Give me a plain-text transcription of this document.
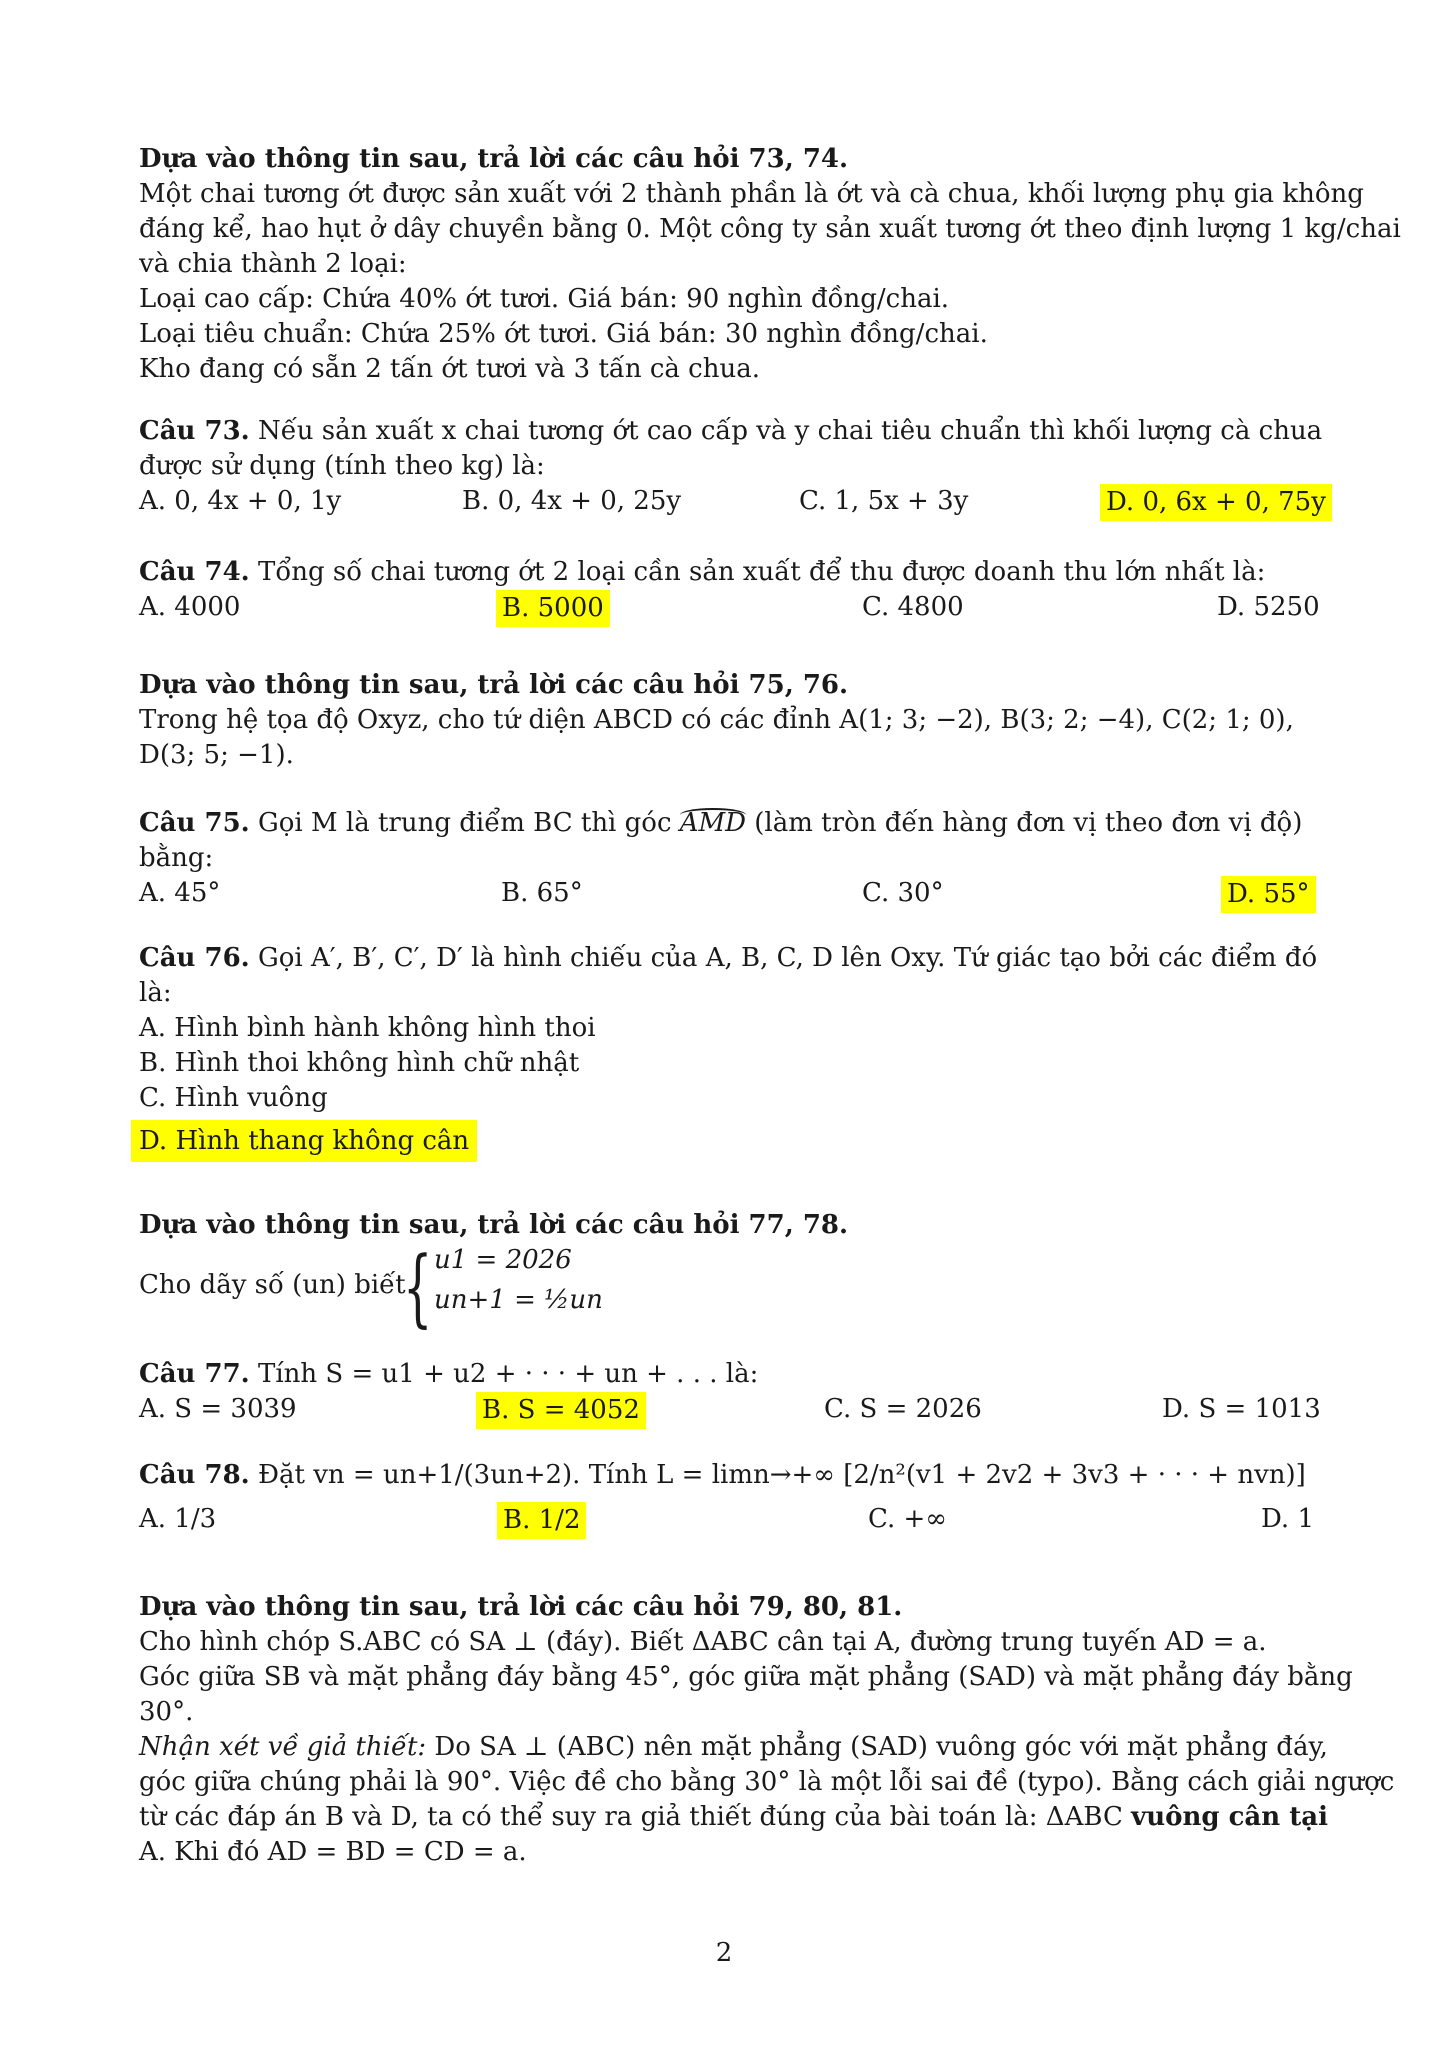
Dựa vào thông tin sau, trả lời các câu hỏi 73, 74.
Một chai tương ớt được sản xuất với 2 thành phần là ớt và cà chua, khối lượng phụ gia không
đáng kể, hao hụt ở dây chuyền bằng 0. Một công ty sản xuất tương ớt theo định lượng 1 kg/chai
và chia thành 2 loại:
Loại cao cấp: Chứa 40% ớt tươi. Giá bán: 90 nghìn đồng/chai.
Loại tiêu chuẩn: Chứa 25% ớt tươi. Giá bán: 30 nghìn đồng/chai.
Kho đang có sẵn 2 tấn ớt tươi và 3 tấn cà chua.
Câu 73. Nếu sản xuất x chai tương ớt cao cấp và y chai tiêu chuẩn thì khối lượng cà chua
được sử dụng (tính theo kg) là:
A. 0, 4x + 0, 1y	B. 0, 4x + 0, 25y	C. 1, 5x + 3y	D. 0, 6x + 0, 75y
Câu 74. Tổng số chai tương ớt 2 loại cần sản xuất để thu được doanh thu lớn nhất là:
A. 4000	B. 5000	C. 4800	D. 5250
Dựa vào thông tin sau, trả lời các câu hỏi 75, 76.
Trong hệ tọa độ Oxyz, cho tứ diện ABCD có các đỉnh A(1; 3; −2), B(3; 2; −4), C(2; 1; 0),
D(3; 5; −1).
Câu 75. Gọi M là trung điểm BC thì góc AMD (làm tròn đến hàng đơn vị theo đơn vị độ)
bằng:
A. 45°	B. 65°	C. 30°	D. 55°
Câu 76. Gọi A′, B′, C′, D′ là hình chiếu của A, B, C, D lên Oxy. Tứ giác tạo bởi các điểm đó
là:
A. Hình bình hành không hình thoi
B. Hình thoi không hình chữ nhật
C. Hình vuông
D. Hình thang không cân
Dựa vào thông tin sau, trả lời các câu hỏi 77, 78.
Cho dãy số (un) biết
{ u1 = 2026
un+1 = ½un
Câu 77. Tính S = u1 + u2 + · · · + un + . . . là:
A. S = 3039	B. S = 4052	C. S = 2026	D. S = 1013
Câu 78. Đặt vn = un+1/(3un+2). Tính L = limn→+∞ [2/n²(v1 + 2v2 + 3v3 + · · · + nvn)]
A. 1/3	B. 1/2	C. +∞	D. 1
Dựa vào thông tin sau, trả lời các câu hỏi 79, 80, 81.
Cho hình chóp S.ABC có SA ⊥ (đáy). Biết ΔABC cân tại A, đường trung tuyến AD = a.
Góc giữa SB và mặt phẳng đáy bằng 45°, góc giữa mặt phẳng (SAD) và mặt phẳng đáy bằng
30°.
Nhận xét về giả thiết: Do SA ⊥ (ABC) nên mặt phẳng (SAD) vuông góc với mặt phẳng đáy,
góc giữa chúng phải là 90°. Việc đề cho bằng 30° là một lỗi sai đề (typo). Bằng cách giải ngược
từ các đáp án B và D, ta có thể suy ra giả thiết đúng của bài toán là: ΔABC vuông cân tại
A. Khi đó AD = BD = CD = a.
2
